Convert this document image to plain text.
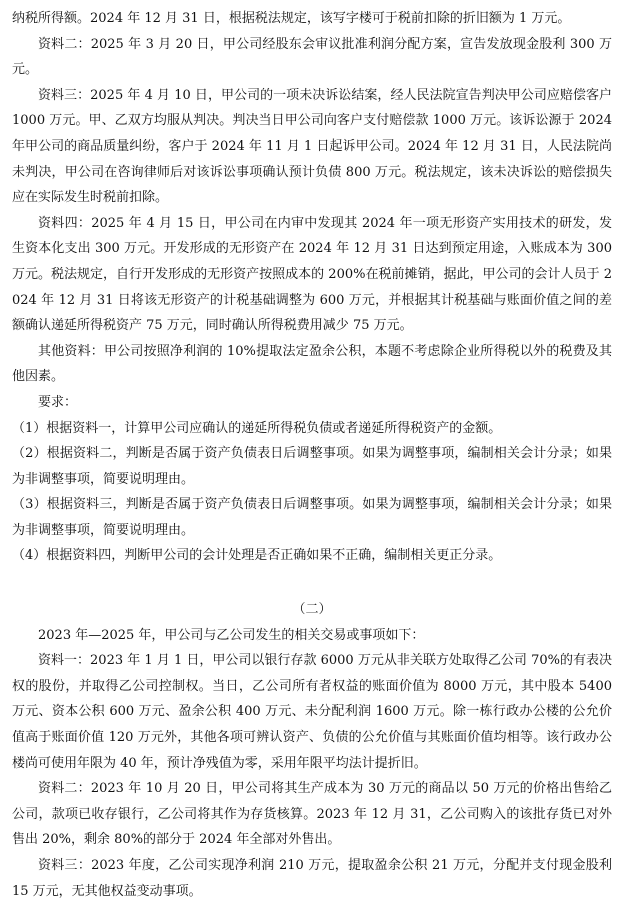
纳税所得额。2024 年 12 月 31 日，根据税法规定，该写字楼可于税前扣除的折旧额为 1 万元。

资料二：2025 年 3 月 20 日，甲公司经股东会审议批准利润分配方案，宣告发放现金股利 300 万元。

资料三：2025 年 4 月 10 日，甲公司的一项未决诉讼结案，经人民法院宣告判决甲公司应赔偿客户 1000 万元。甲、乙双方均服从判决。判决当日甲公司向客户支付赔偿款 1000 万元。该诉讼源于 2024 年甲公司的商品质量纠纷，客户于 2024 年 11 月 1 日起诉甲公司。2024 年 12 月 31 日，人民法院尚未判决，甲公司在咨询律师后对该诉讼事项确认预计负债 800 万元。税法规定，该未决诉讼的赔偿损失应在实际发生时税前扣除。

资料四：2025 年 4 月 15 日，甲公司在内审中发现其 2024 年一项无形资产实用技术的研发，发生资本化支出 300 万元。开发形成的无形资产在 2024 年 12 月 31 日达到预定用途，入账成本为 300 万元。税法规定，自行开发形成的无形资产按照成本的 200%在税前摊销，据此，甲公司的会计人员于 2024 年 12 月 31 日将该无形资产的计税基础调整为 600 万元，并根据其计税基础与账面价值之间的差额确认递延所得税资产 75 万元，同时确认所得税费用减少 75 万元。

其他资料：甲公司按照净利润的 10%提取法定盈余公积，本题不考虑除企业所得税以外的税费及其他因素。

要求：

（1）根据资料一，计算甲公司应确认的递延所得税负债或者递延所得税资产的金额。

（2）根据资料二，判断是否属于资产负债表日后调整事项。如果为调整事项，编制相关会计分录；如果为非调整事项，简要说明理由。

（3）根据资料三，判断是否属于资产负债表日后调整事项。如果为调整事项，编制相关会计分录；如果为非调整事项，简要说明理由。

（4）根据资料四，判断甲公司的会计处理是否正确如果不正确，编制相关更正分录。

（二）

2023 年—2025 年，甲公司与乙公司发生的相关交易或事项如下：

资料一：2023 年 1 月 1 日，甲公司以银行存款 6000 万元从非关联方处取得乙公司 70%的有表决权的股份，并取得乙公司控制权。当日，乙公司所有者权益的账面价值为 8000 万元，其中股本 5400 万元、资本公积 600 万元、盈余公积 400 万元、未分配利润 1600 万元。除一栋行政办公楼的公允价值高于账面价值 120 万元外，其他各项可辨认资产、负债的公允价值与其账面价值均相等。该行政办公楼尚可使用年限为 40 年，预计净残值为零，采用年限平均法计提折旧。

资料二：2023 年 10 月 20 日，甲公司将其生产成本为 30 万元的商品以 50 万元的价格出售给乙公司，款项已收存银行，乙公司将其作为存货核算。2023 年 12 月 31，乙公司购入的该批存货已对外售出 20%，剩余 80%的部分于 2024 年全部对外售出。

资料三：2023 年度，乙公司实现净利润 210 万元，提取盈余公积 21 万元，分配并支付现金股利 15 万元，无其他权益变动事项。
